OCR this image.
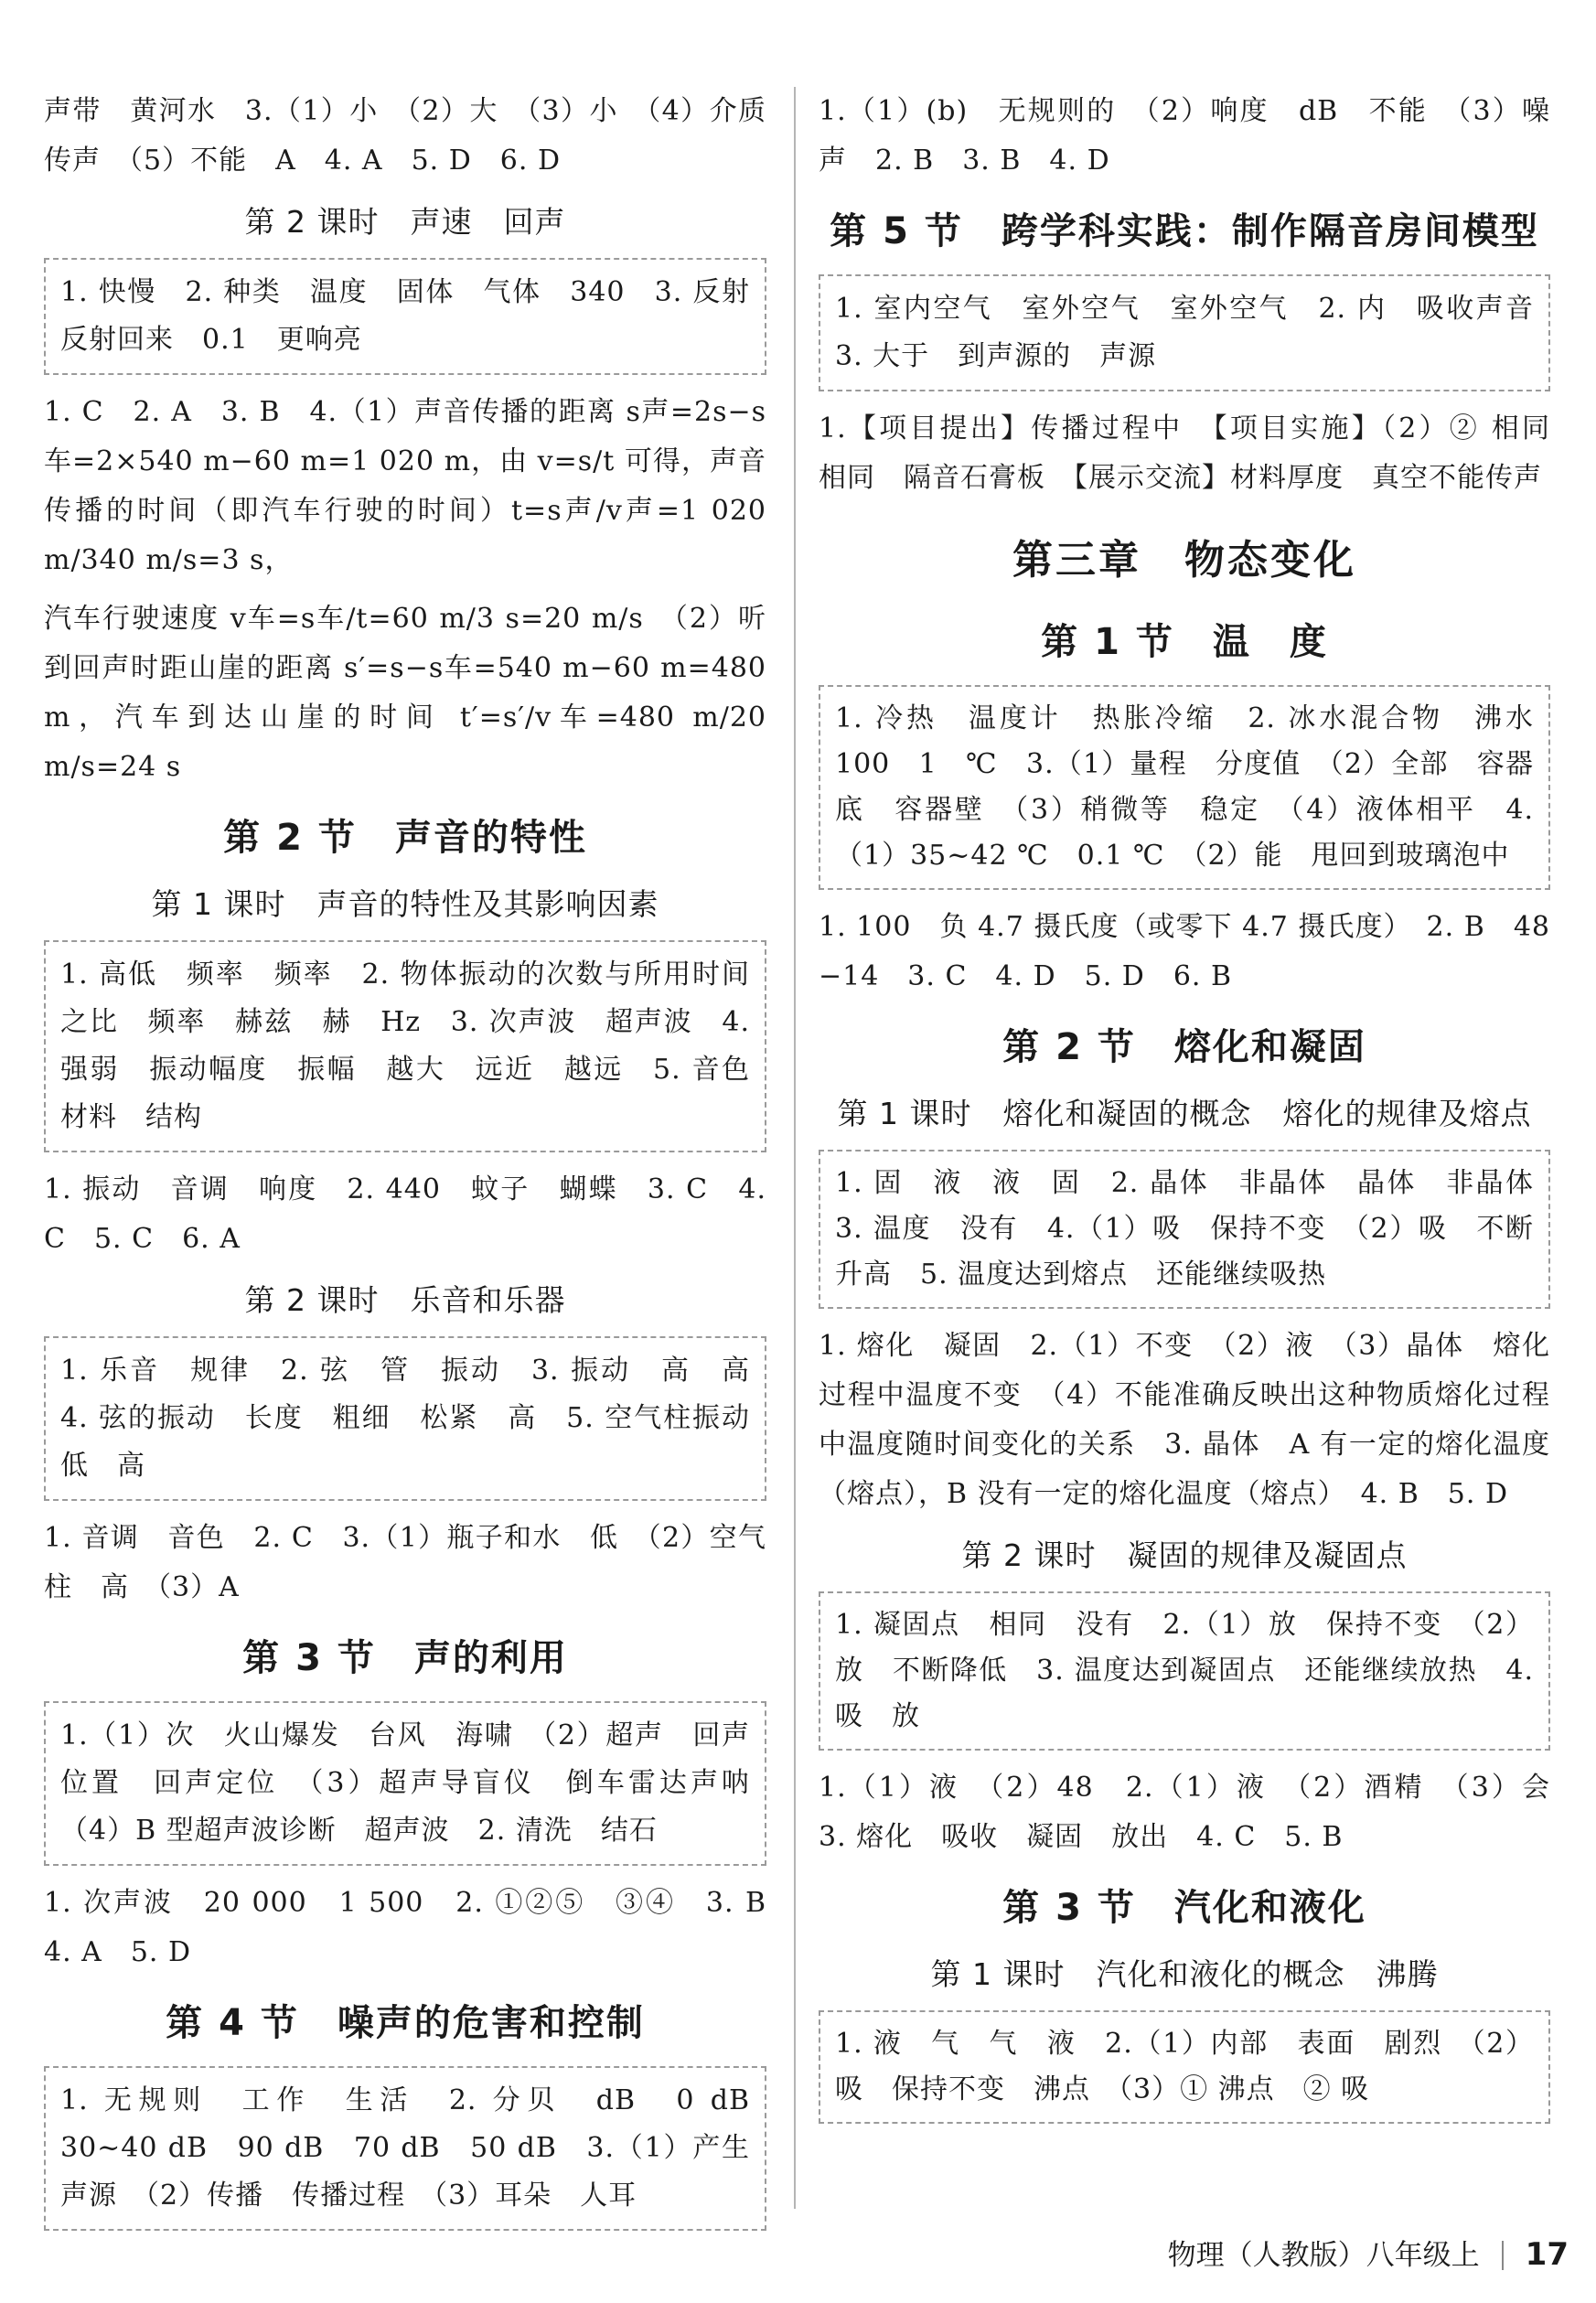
声带　黄河水　3.（1）小　（2）大　（3）小　（4）介质传声　（5）不能　A　4. A　5. D　6. D

第 2 课时　声速　回声
1. 快慢　2. 种类　温度　固体　气体　340　3. 反射　反射回来　0.1　更响亮

1. C　2. A　3. B　4.（1）声音传播的距离 s声=2s−s车=2×540 m−60 m=1 020 m，由 v=s/t 可得，声音传播的时间（即汽车行驶的时间）t=s声/v声=1 020 m/340 m/s=3 s，

汽车行驶速度 v车=s车/t=60 m/3 s=20 m/s　（2）听到回声时距山崖的距离 s′=s−s车=540 m−60 m=480 m，汽车到达山崖的时间 t′=s′/v车=480 m/20 m/s=24 s

第 2 节　声音的特性
第 1 课时　声音的特性及其影响因素
1. 高低　频率　频率　2. 物体振动的次数与所用时间之比　频率　赫兹　赫　Hz　3. 次声波　超声波　4. 强弱　振动幅度　振幅　越大　远近　越远　5. 音色　材料　结构

1. 振动　音调　响度　2. 440　蚊子　蝴蝶　3. C　4. C　5. C　6. A

第 2 课时　乐音和乐器
1. 乐音　规律　2. 弦　管　振动　3. 振动　高　高　4. 弦的振动　长度　粗细　松紧　高　5. 空气柱振动　低　高

1. 音调　音色　2. C　3.（1）瓶子和水　低　（2）空气柱　高　（3）A

第 3 节　声的利用
1.（1）次　火山爆发　台风　海啸　（2）超声　回声　位置　回声定位　（3）超声导盲仪　倒车雷达声呐　（4）B 型超声波诊断　超声波　2. 清洗　结石

1. 次声波　20 000　1 500　2. ①②⑤　③④　3. B　4. A　5. D

第 4 节　噪声的危害和控制
1. 无规则　工作　生活　2. 分贝　dB　0 dB　30~40 dB　90 dB　70 dB　50 dB　3.（1）产生　声源　（2）传播　传播过程　（3）耳朵　人耳

1.（1）(b)　无规则的　（2）响度　dB　不能　（3）噪声　2. B　3. B　4. D

第 5 节　跨学科实践：制作隔音房间模型
1. 室内空气　室外空气　室外空气　2. 内　吸收声音　3. 大于　到声源的　声源

1.【项目提出】传播过程中　【项目实施】（2）② 相同　相同　隔音石膏板　【展示交流】材料厚度　真空不能传声

第三章　物态变化
第 1 节　温　度
1. 冷热　温度计　热胀冷缩　2. 冰水混合物　沸水　100　1　℃　3.（1）量程　分度值　（2）全部　容器底　容器壁　（3）稍微等　稳定　（4）液体相平　4.（1）35~42 ℃　0.1 ℃　（2）能　甩回到玻璃泡中

1. 100　负 4.7 摄氏度（或零下 4.7 摄氏度）　2. B　48　−14　3. C　4. D　5. D　6. B

第 2 节　熔化和凝固
第 1 课时　熔化和凝固的概念　熔化的规律及熔点
1. 固　液　液　固　2. 晶体　非晶体　晶体　非晶体　3. 温度　没有　4.（1）吸　保持不变　（2）吸　不断升高　5. 温度达到熔点　还能继续吸热

1. 熔化　凝固　2.（1）不变　（2）液　（3）晶体　熔化过程中温度不变　（4）不能准确反映出这种物质熔化过程中温度随时间变化的关系　3. 晶体　A 有一定的熔化温度（熔点），B 没有一定的熔化温度（熔点）　4. B　5. D

第 2 课时　凝固的规律及凝固点
1. 凝固点　相同　没有　2.（1）放　保持不变　（2）放　不断降低　3. 温度达到凝固点　还能继续放热　4. 吸　放

1.（1）液　（2）48　2.（1）液　（2）酒精　（3）会　3. 熔化　吸收　凝固　放出　4. C　5. B

第 3 节　汽化和液化
第 1 课时　汽化和液化的概念　沸腾
1. 液　气　气　液　2.（1）内部　表面　剧烈　（2）吸　保持不变　沸点　（3）① 沸点　② 吸
物理（人教版）八年级上 17
